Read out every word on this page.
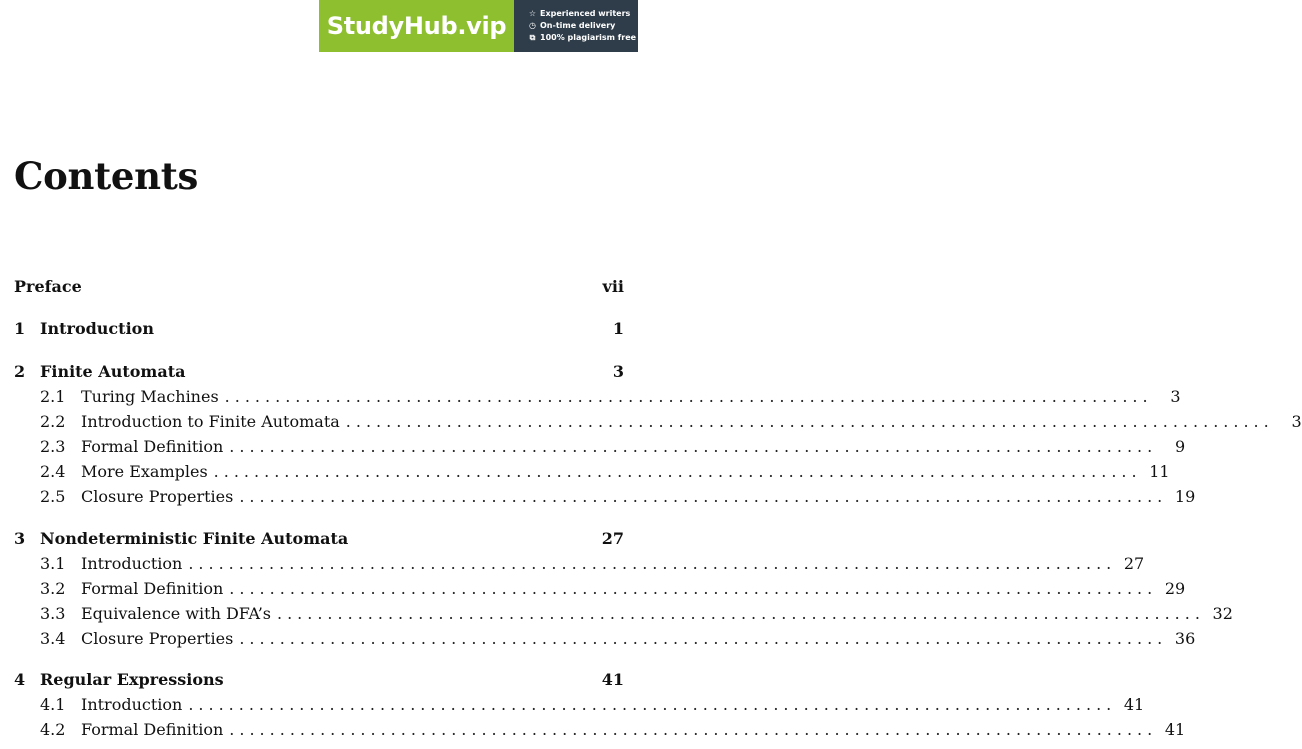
StudyHub.vip	☆ Experienced writers
◷ On-time delivery
⧉ 100% plagiarism free
Contents
Preface	vii
1 Introduction	1
2 Finite Automata	3
2.1 Turing Machines ............................................................................................	3
2.2 Introduction to Finite Automata ............................................................................................	3
2.3 Formal Definition ............................................................................................	9
2.4 More Examples ............................................................................................ 11
2.5 Closure Properties ............................................................................................ 19
3 Nondeterministic Finite Automata	27
3.1 Introduction ............................................................................................ 27
3.2 Formal Definition ............................................................................................ 29
3.3 Equivalence with DFA’s ............................................................................................ 32
3.4 Closure Properties ............................................................................................ 36
4 Regular Expressions	41
4.1 Introduction ............................................................................................ 41
4.2 Formal Definition ............................................................................................ 41
